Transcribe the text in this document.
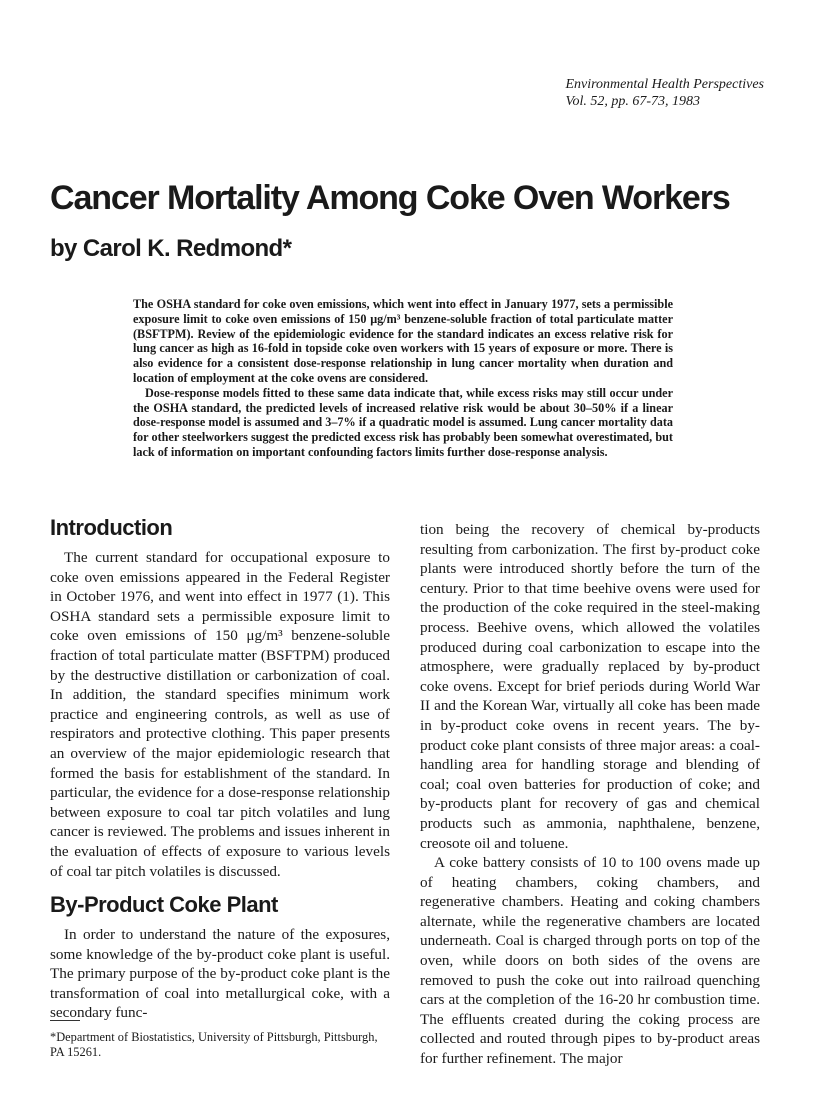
Environmental Health Perspectives
Vol. 52, pp. 67-73, 1983
Cancer Mortality Among Coke Oven Workers
by Carol K. Redmond*

The OSHA standard for coke oven emissions, which went into effect in January 1977, sets a permissible exposure limit to coke oven emissions of 150 μg/m³ benzene-soluble fraction of total particulate matter (BSFTPM). Review of the epidemiologic evidence for the standard indicates an excess relative risk for lung cancer as high as 16-fold in topside coke oven workers with 15 years of exposure or more. There is also evidence for a consistent dose-response relationship in lung cancer mortality when duration and location of employment at the coke ovens are considered.

Dose-response models fitted to these same data indicate that, while excess risks may still occur under the OSHA standard, the predicted levels of increased relative risk would be about 30–50% if a linear dose-response model is assumed and 3–7% if a quadratic model is assumed. Lung cancer mortality data for other steelworkers suggest the predicted excess risk has probably been somewhat overestimated, but lack of information on important confounding factors limits further dose-response analysis.

Introduction

The current standard for occupational exposure to coke oven emissions appeared in the Federal Register in October 1976, and went into effect in 1977 (1). This OSHA standard sets a permissible exposure limit to coke oven emissions of 150 μg/m³ benzene-soluble fraction of total particulate matter (BSFTPM) produced by the destructive distillation or carbonization of coal. In addition, the standard specifies minimum work practice and engineering controls, as well as use of respirators and protective clothing. This paper presents an overview of the major epidemiologic research that formed the basis for establishment of the standard. In particular, the evidence for a dose-response relationship between exposure to coal tar pitch volatiles and lung cancer is reviewed. The problems and issues inherent in the evaluation of effects of exposure to various levels of coal tar pitch volatiles is discussed.

By-Product Coke Plant

In order to understand the nature of the exposures, some knowledge of the by-product coke plant is useful. The primary purpose of the by-product coke plant is the transformation of coal into metallurgical coke, with a secondary func-

tion being the recovery of chemical by-products resulting from carbonization. The first by-product coke plants were introduced shortly before the turn of the century. Prior to that time beehive ovens were used for the production of the coke required in the steel-making process. Beehive ovens, which allowed the volatiles produced during coal carbonization to escape into the atmosphere, were gradually replaced by by-product coke ovens. Except for brief periods during World War II and the Korean War, virtually all coke has been made in by-product coke ovens in recent years. The by-product coke plant consists of three major areas: a coal-handling area for handling storage and blending of coal; coal oven batteries for production of coke; and by-products plant for recovery of gas and chemical products such as ammonia, naphthalene, benzene, creosote oil and toluene.

A coke battery consists of 10 to 100 ovens made up of heating chambers, coking chambers, and regenerative chambers. Heating and coking chambers alternate, while the regenerative chambers are located underneath. Coal is charged through ports on top of the oven, while doors on both sides of the ovens are removed to push the coke out into railroad quenching cars at the completion of the 16-20 hr combustion time. The effluents created during the coking process are collected and routed through pipes to by-product areas for further refinement. The major

*Department of Biostatistics, University of Pittsburgh, Pittsburgh, PA 15261.
